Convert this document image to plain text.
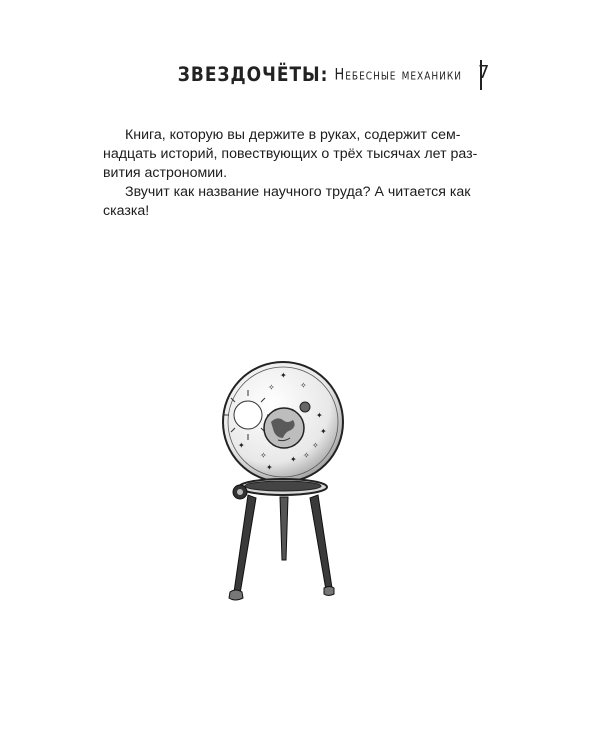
ЗВЕЗДОЧЁТЫ: Небесные механики 7

Книга, которую вы держите в руках, содержит сем-

надцать историй, повествующих о трёх тысячах лет раз-
вития астрономии.

Звучит как название научного труда? А читается как

сказка!
✦
✧
✦
✧
✦
✧
✧
✦
✦
✧
✦
